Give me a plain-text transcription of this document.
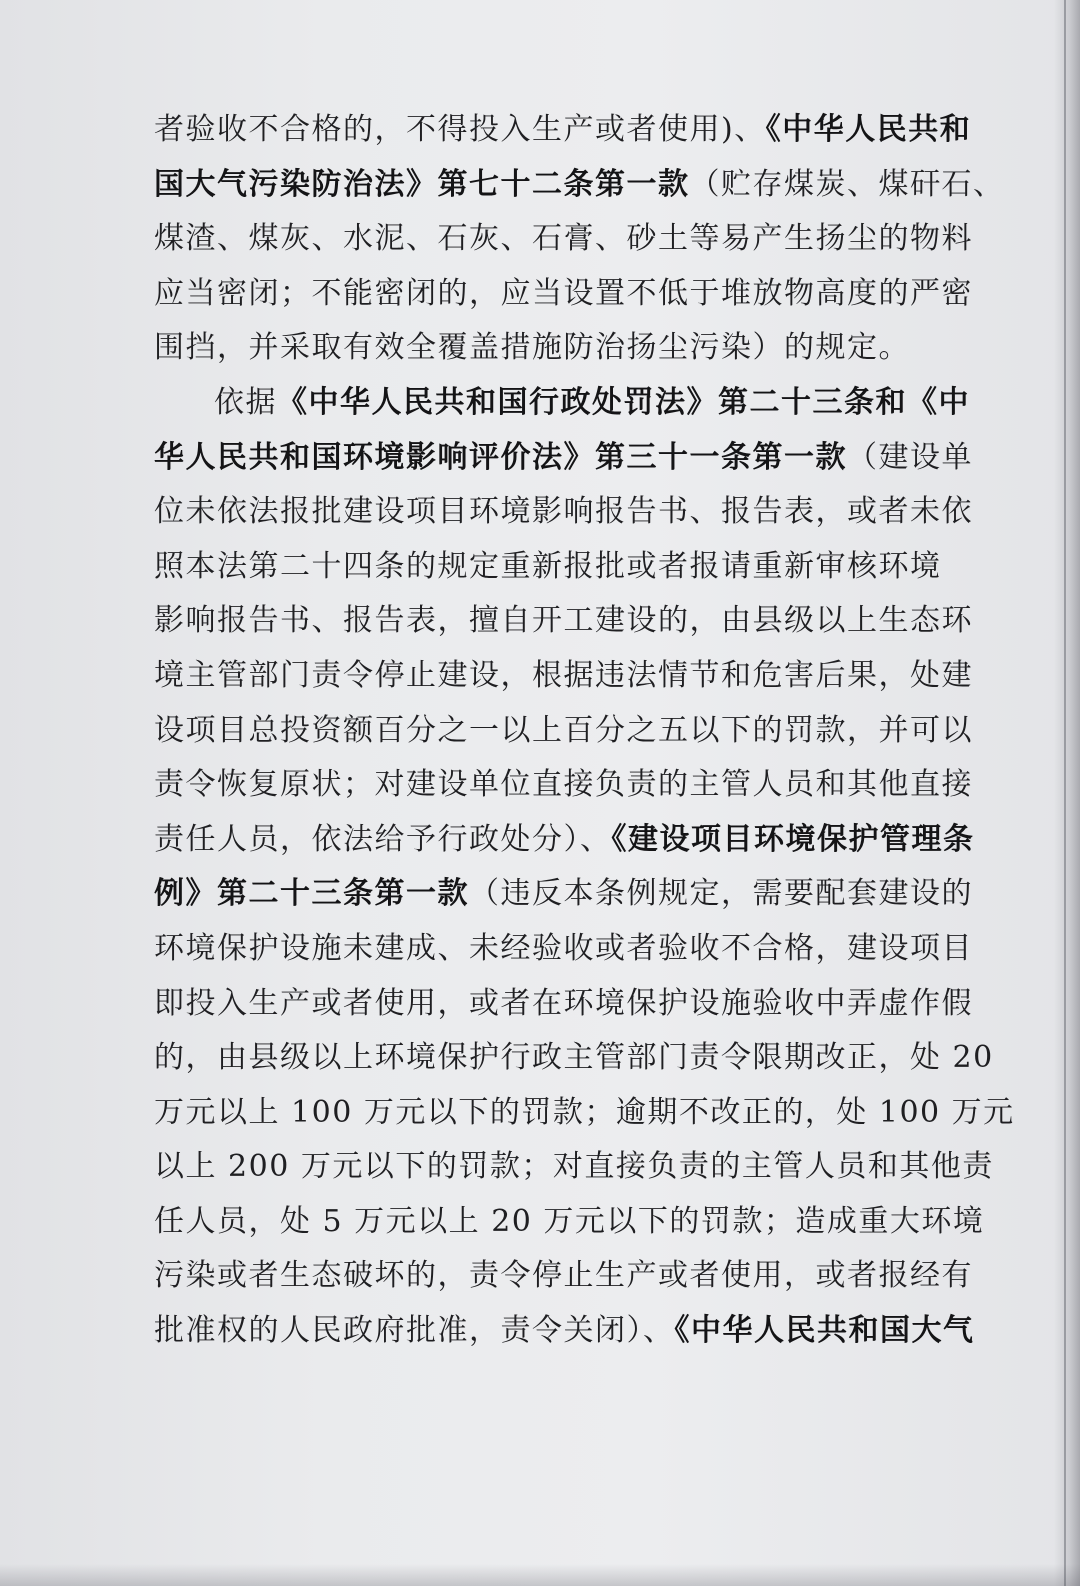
者验收不合格的，不得投入生产或者使用)、《中华人民共和
国大气污染防治法》第七十二条第一款（贮存煤炭、煤矸石、
煤渣、煤灰、水泥、石灰、石膏、砂土等易产生扬尘的物料
应当密闭；不能密闭的，应当设置不低于堆放物高度的严密
围挡，并采取有效全覆盖措施防治扬尘污染）的规定。
依据《中华人民共和国行政处罚法》第二十三条和《中
华人民共和国环境影响评价法》第三十一条第一款（建设单
位未依法报批建设项目环境影响报告书、报告表，或者未依
照本法第二十四条的规定重新报批或者报请重新审核环境
影响报告书、报告表，擅自开工建设的，由县级以上生态环
境主管部门责令停止建设，根据违法情节和危害后果，处建
设项目总投资额百分之一以上百分之五以下的罚款，并可以
责令恢复原状；对建设单位直接负责的主管人员和其他直接
责任人员，依法给予行政处分）、《建设项目环境保护管理条
例》第二十三条第一款（违反本条例规定，需要配套建设的
环境保护设施未建成、未经验收或者验收不合格，建设项目
即投入生产或者使用，或者在环境保护设施验收中弄虚作假
的，由县级以上环境保护行政主管部门责令限期改正，处 20
万元以上 100 万元以下的罚款；逾期不改正的，处 100 万元
以上 200 万元以下的罚款；对直接负责的主管人员和其他责
任人员，处 5 万元以上 20 万元以下的罚款；造成重大环境
污染或者生态破坏的，责令停止生产或者使用，或者报经有
批准权的人民政府批准，责令关闭）、《中华人民共和国大气
